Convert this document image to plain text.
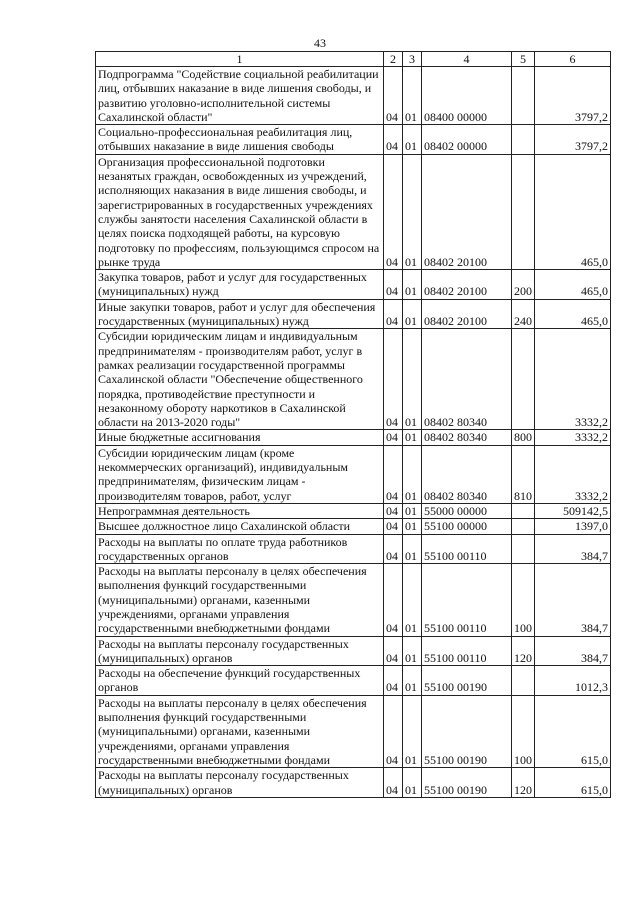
43
1	2	3	4	5	6
Подпрограмма "Содействие социальной реабилитации лиц, отбывших наказание в виде лишения свободы, и развитию уголовно-исполнительной системы Сахалинской области"	04	01	08400 00000		3797,2
Социально-профессиональная реабилитация лиц, отбывших наказание в виде лишения свободы	04	01	08402 00000		3797,2
Организация профессиональной подготовки незанятых граждан, освобожденных из учреждений, исполняющих наказания в виде лишения свободы, и зарегистрированных в государственных учреждениях службы занятости населения Сахалинской области в целях поиска подходящей работы, на курсовую подготовку по профессиям, пользующимся спросом на рынке труда	04	01	08402 20100		465,0
Закупка товаров, работ и услуг для государственных (муниципальных) нужд	04	01	08402 20100	200	465,0
Иные закупки товаров, работ и услуг для обеспечения государственных (муниципальных) нужд	04	01	08402 20100	240	465,0
Субсидии юридическим лицам и индивидуальным предпринимателям - производителям работ, услуг в рамках реализации государственной программы Сахалинской области "Обеспечение общественного порядка, противодействие преступности и незаконному обороту наркотиков в Сахалинской области на 2013-2020 годы"	04	01	08402 80340		3332,2
Иные бюджетные ассигнования	04	01	08402 80340	800	3332,2
Субсидии юридическим лицам (кроме некоммерческих организаций), индивидуальным предпринимателям, физическим лицам - производителям товаров, работ, услуг	04	01	08402 80340	810	3332,2
Непрограммная деятельность	04	01	55000 00000		509142,5
Высшее должностное лицо Сахалинской области	04	01	55100 00000		1397,0
Расходы на выплаты по оплате труда работников государственных органов	04	01	55100 00110		384,7
Расходы на выплаты персоналу в целях обеспечения выполнения функций государственными (муниципальными) органами, казенными учреждениями, органами управления государственными внебюджетными фондами	04	01	55100 00110	100	384,7
Расходы на выплаты персоналу государственных (муниципальных) органов	04	01	55100 00110	120	384,7
Расходы на обеспечение функций государственных органов	04	01	55100 00190		1012,3
Расходы на выплаты персоналу в целях обеспечения выполнения функций государственными (муниципальными) органами, казенными учреждениями, органами управления государственными внебюджетными фондами	04	01	55100 00190	100	615,0
Расходы на выплаты персоналу государственных (муниципальных) органов	04	01	55100 00190	120	615,0
